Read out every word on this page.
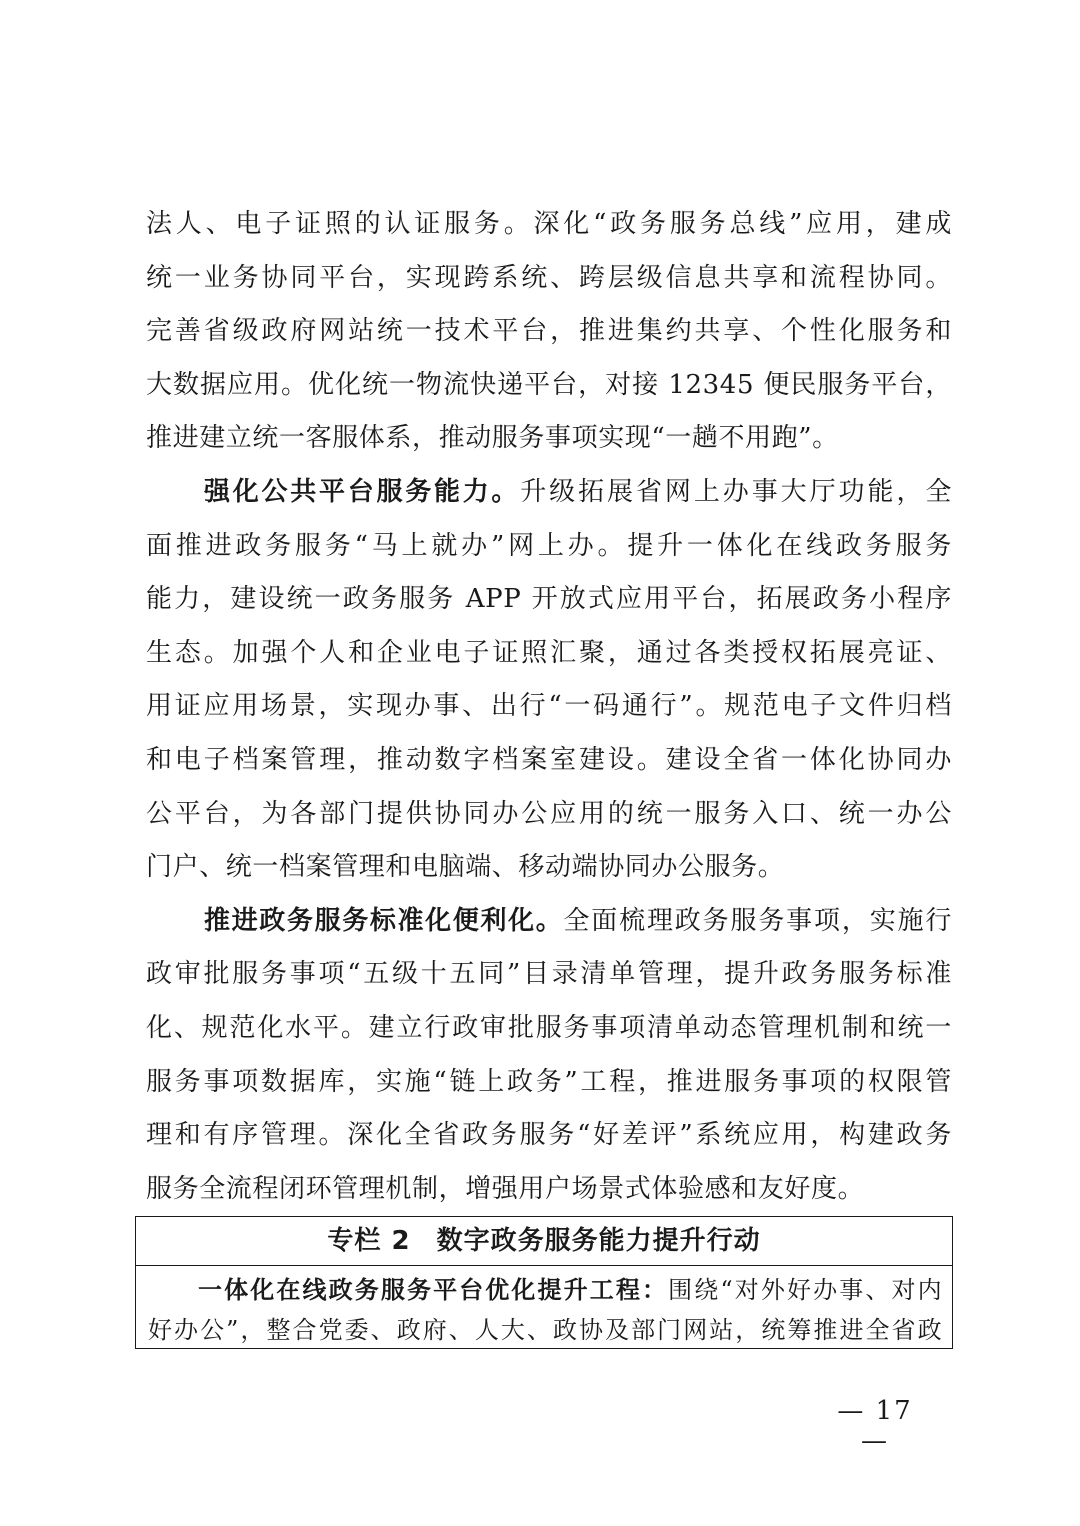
法人、电子证照的认证服务。深化“政务服务总线”应用，建成
统一业务协同平台，实现跨系统、跨层级信息共享和流程协同。
完善省级政府网站统一技术平台，推进集约共享、个性化服务和
大数据应用。优化统一物流快递平台，对接 12345 便民服务平台，
推进建立统一客服体系，推动服务事项实现“一趟不用跑”。
强化公共平台服务能力。升级拓展省网上办事大厅功能，全
面推进政务服务“马上就办”网上办。提升一体化在线政务服务
能力，建设统一政务服务 APP 开放式应用平台，拓展政务小程序
生态。加强个人和企业电子证照汇聚，通过各类授权拓展亮证、
用证应用场景，实现办事、出行“一码通行”。规范电子文件归档
和电子档案管理，推动数字档案室建设。建设全省一体化协同办
公平台，为各部门提供协同办公应用的统一服务入口、统一办公
门户、统一档案管理和电脑端、移动端协同办公服务。
推进政务服务标准化便利化。全面梳理政务服务事项，实施行
政审批服务事项“五级十五同”目录清单管理，提升政务服务标准
化、规范化水平。建立行政审批服务事项清单动态管理机制和统一
服务事项数据库，实施“链上政务”工程，推进服务事项的权限管
理和有序管理。深化全省政务服务“好差评”系统应用，构建政务
服务全流程闭环管理机制，增强用户场景式体验感和友好度。
专栏 2 数字政务服务能力提升行动
一体化在线政务服务平台优化提升工程：围绕“对外好办事、对内
好办公”，整合党委、政府、人大、政协及部门网站，统筹推进全省政
— 17 —
